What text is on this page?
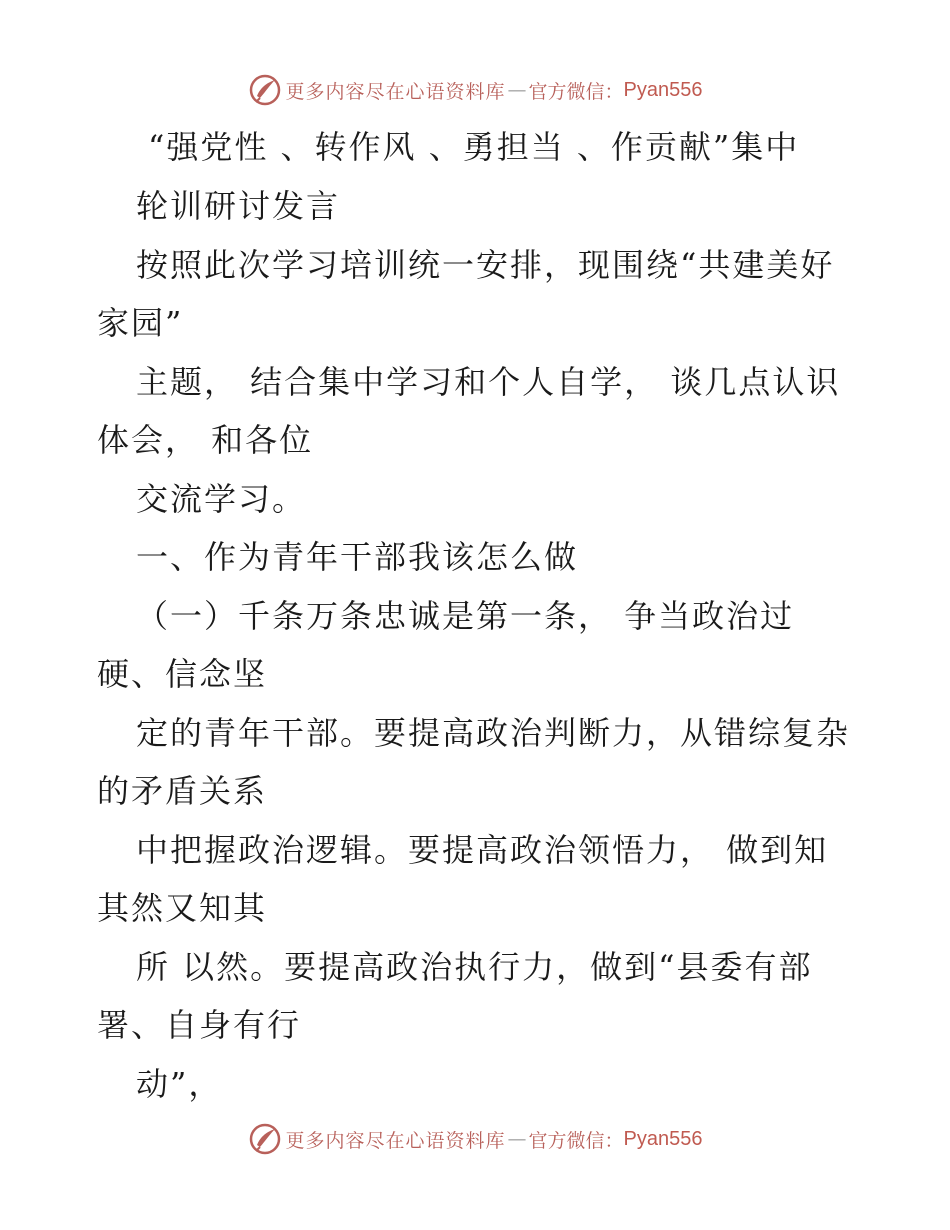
更多内容尽在心语资料库 — 官方微信： Pyan556
“强党性 、转作风 、勇担当 、作贡献”集中
轮训研讨发言
按照此次学习培训统一安排，现围绕“共建美好
家园”
主题， 结合集中学习和个人自学， 谈几点认识
体会， 和各位
交流学习。
一、作为青年干部我该怎么做
（一）千条万条忠诚是第一条， 争当政治过
硬、信念坚
定的青年干部。要提高政治判断力，从错综复杂
的矛盾关系
中把握政治逻辑。要提高政治领悟力， 做到知
其然又知其
所 以然。要提高政治执行力，做到“县委有部
署、自身有行
动”，
更多内容尽在心语资料库 — 官方微信： Pyan556
